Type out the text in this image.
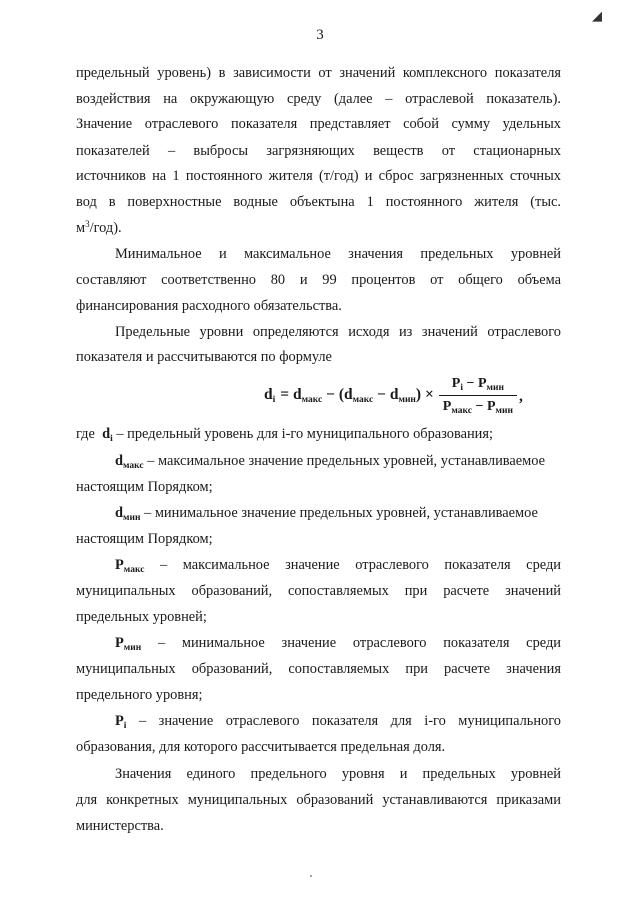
◢
3
предельный уровень) в зависимости от значений комплексного показателя
воздействия на окружающую среду (далее – отраслевой показатель).
Значение отраслевого показателя представляет собой сумму удельных
показателей – выбросы загрязняющих веществ от стационарных
источников на 1 постоянного жителя (т/год) и сброс загрязненных сточных
вод в поверхностные водные объектына 1 постоянного жителя (тыс.
$м^3/год$).
Минимальное и максимальное значения предельных уровней
составляют соответственно 80 и 99 процентов от общего объема
финансирования расходного обязательства.
Предельные уровни определяются исходя из значений отраслевого
показателя и рассчитываются по формуле
$d_i = d_{макс} - (d_{макс} - d_{мин}) \times \frac{P_i - P_{мин}}{P_{макс} - P_{мин}}$ ,
где $d_i$ – предельный уровень для i-го муниципального образования;
$d_{макс}$ – максимальное значение предельных уровней, устанавливаемое
настоящим Порядком;
$d_{мин}$ – минимальное значение предельных уровней, устанавливаемое
настоящим Порядком;
$P_{макс}$ – максимальное значение отраслевого показателя среди
муниципальных образований, сопоставляемых при расчете значений
предельных уровней;
$P_{мин}$ – минимальное значение отраслевого показателя среди
муниципальных образований, сопоставляемых при расчете значения
предельного уровня;
$P_i$ – значение отраслевого показателя для i-го муниципального
образования, для которого рассчитывается предельная доля.
Значения единого предельного уровня и предельных уровней
для конкретных муниципальных образований устанавливаются приказами
министерства.
